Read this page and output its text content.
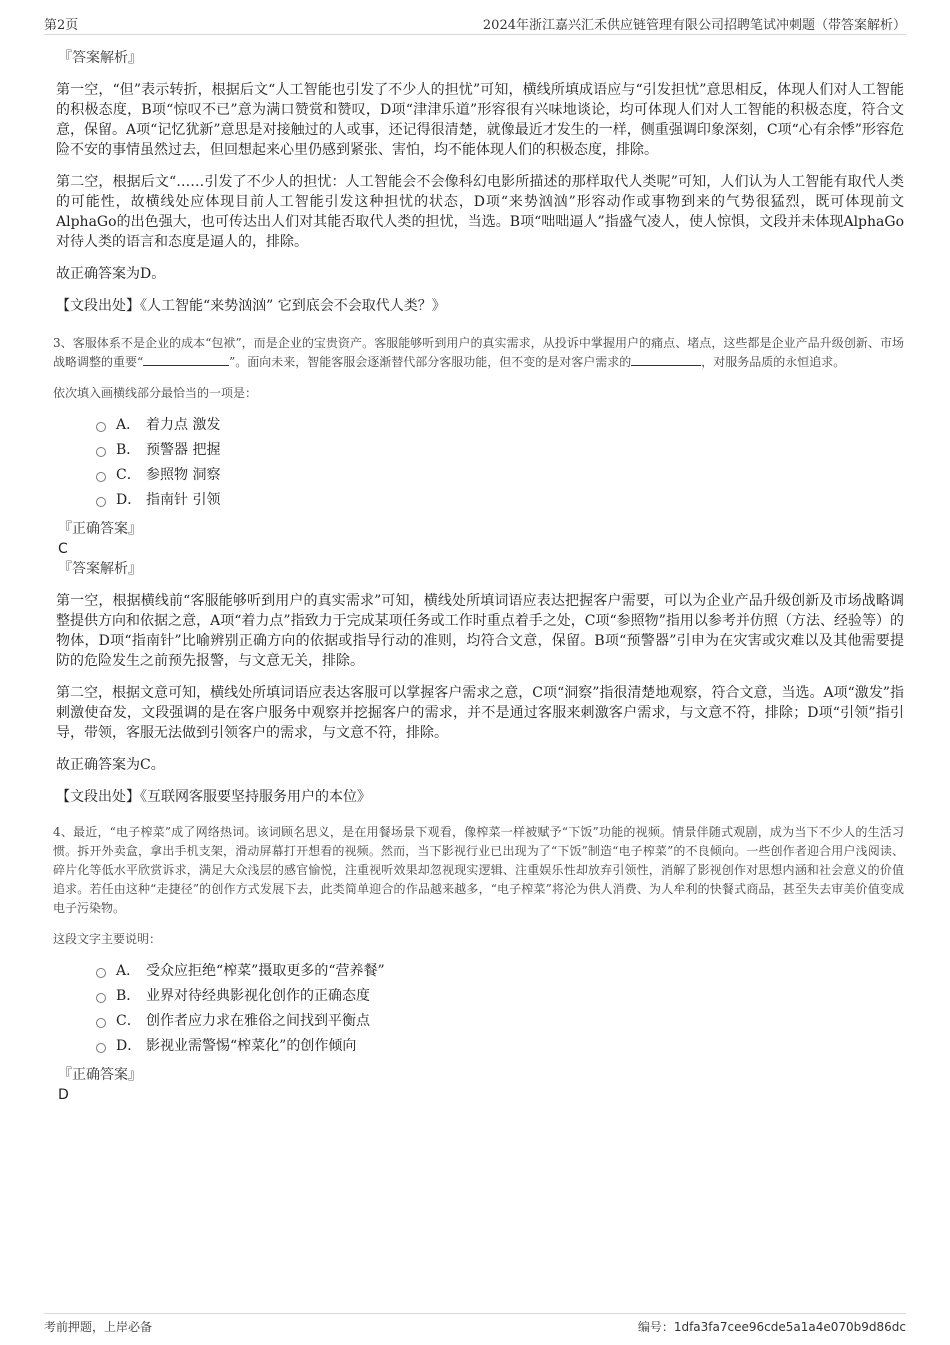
第2页	2024年浙江嘉兴汇禾供应链管理有限公司招聘笔试冲刺题（带答案解析）
『答案解析』

第一空，“但”表示转折，根据后文“人工智能也引发了不少人的担忧”可知，横线所填成语应与“引发担忧”意思相反，体现人们对人工智能的积极态度，B项“惊叹不已”意为满口赞赏和赞叹，D项“津津乐道”形容很有兴味地谈论，均可体现人们对人工智能的积极态度，符合文意，保留。A项“记忆犹新”意思是对接触过的人或事，还记得很清楚，就像最近才发生的一样，侧重强调印象深刻，C项“心有余悸”形容危险不安的事情虽然过去，但回想起来心里仍感到紧张、害怕，均不能体现人们的积极态度，排除。

第二空，根据后文“……引发了不少人的担忧：人工智能会不会像科幻电影所描述的那样取代人类呢”可知，人们认为人工智能有取代人类的可能性，故横线处应体现目前人工智能引发这种担忧的状态，D项“来势汹汹”形容动作或事物到来的气势很猛烈，既可体现前文AlphaGo的出色强大，也可传达出人们对其能否取代人类的担忧，当选。B项“咄咄逼人”指盛气凌人，使人惊惧，文段并未体现AlphaGo对待人类的语言和态度是逼人的，排除。

故正确答案为D。

【文段出处】《人工智能“来势汹汹” 它到底会不会取代人类？》

3、客服体系不是企业的成本“包袱”，而是企业的宝贵资产。客服能够听到用户的真实需求，从投诉中掌握用户的痛点、堵点，这些都是企业产品升级创新、市场战略调整的重要“	”。面向未来，智能客服会逐渐替代部分客服功能，但不变的是对客户需求的	，对服务品质的永恒追求。

依次填入画横线部分最恰当的一项是：

A． 着力点 激发
B． 预警器 把握
C． 参照物 洞察
D． 指南针 引领
『正确答案』
C
『答案解析』

第一空，根据横线前“客服能够听到用户的真实需求”可知，横线处所填词语应表达把握客户需要，可以为企业产品升级创新及市场战略调整提供方向和依据之意，A项“着力点”指致力于完成某项任务或工作时重点着手之处，C项“参照物”指用以参考并仿照（方法、经验等）的物体，D项“指南针”比喻辨别正确方向的依据或指导行动的准则，均符合文意，保留。B项“预警器”引申为在灾害或灾难以及其他需要提防的危险发生之前预先报警，与文意无关，排除。

第二空，根据文意可知，横线处所填词语应表达客服可以掌握客户需求之意，C项“洞察”指很清楚地观察，符合文意，当选。A项“激发”指刺激使奋发，文段强调的是在客户服务中观察并挖掘客户的需求，并不是通过客服来刺激客户需求，与文意不符，排除；D项“引领”指引导，带领，客服无法做到引领客户的需求，与文意不符，排除。

故正确答案为C。

【文段出处】《互联网客服要坚持服务用户的本位》

4、最近，“电子榨菜”成了网络热词。该词顾名思义，是在用餐场景下观看，像榨菜一样被赋予“下饭”功能的视频。情景伴随式观剧，成为当下不少人的生活习惯。拆开外卖盒，拿出手机支架，滑动屏幕打开想看的视频。然而，当下影视行业已出现为了“下饭”制造“电子榨菜”的不良倾向。一些创作者迎合用户浅阅读、碎片化等低水平欣赏诉求，满足大众浅层的感官愉悦，注重视听效果却忽视现实逻辑、注重娱乐性却放弃引领性，消解了影视创作对思想内涵和社会意义的价值追求。若任由这种“走捷径”的创作方式发展下去，此类简单迎合的作品越来越多，“电子榨菜”将沦为供人消费、为人牟利的快餐式商品，甚至失去审美价值变成电子污染物。

这段文字主要说明：

A． 受众应拒绝“榨菜”摄取更多的“营养餐”
B． 业界对待经典影视化创作的正确态度
C． 创作者应力求在雅俗之间找到平衡点
D． 影视业需警惕“榨菜化”的创作倾向
『正确答案』
D
考前押题，上岸必备	编号：1dfa3fa7cee96cde5a1a4e070b9d86dc
